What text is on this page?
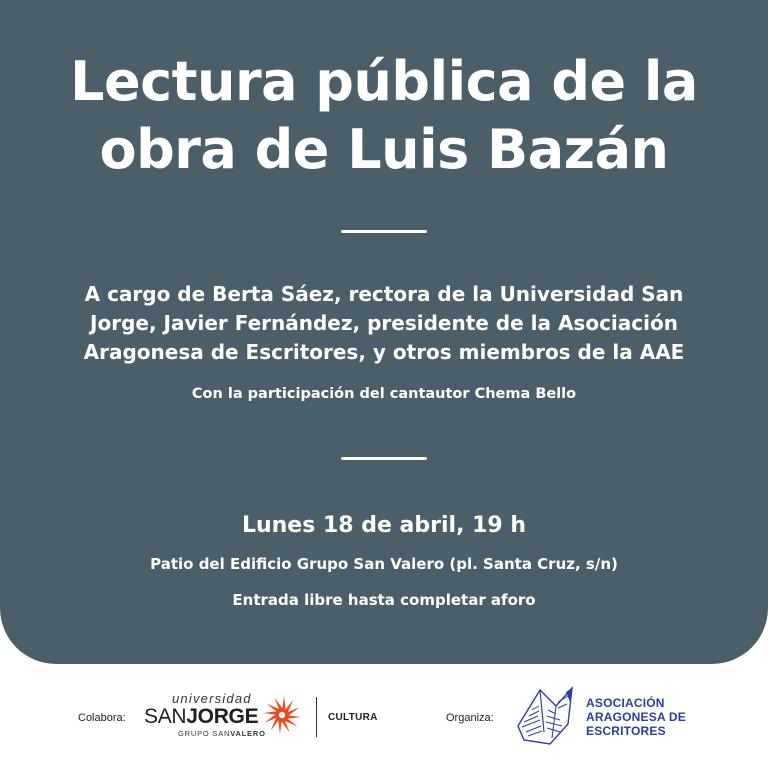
Lectura pública de la
obra de Luis Bazán

A cargo de Berta Sáez, rectora de la Universidad San
Jorge, Javier Fernández, presidente de la Asociación
Aragonesa de Escritores, y otros miembros de la AAE

Con la participación del cantautor Chema Bello

Lunes 18 de abril, 19 h

Patio del Edificio Grupo San Valero (pl. Santa Cruz, s/n)

Entrada libre hasta completar aforo

Colabora:
universidad
SANJORGE
GRUPO SANVALERO
CULTURA	Organiza:
ASOCIACIÓN
ARAGONESA DE
ESCRITORES
